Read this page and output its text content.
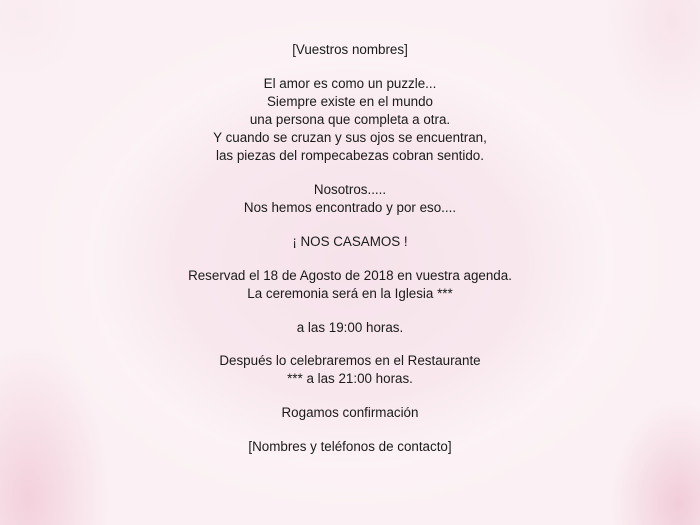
[Vuestros nombres]
El amor es como un puzzle...
Siempre existe en el mundo
una persona que completa a otra.
Y cuando se cruzan y sus ojos se encuentran,
las piezas del rompecabezas cobran sentido.
Nosotros.....
Nos hemos encontrado y por eso....
¡ NOS CASAMOS !
Reservad el 18 de Agosto de 2018 en vuestra agenda.
La ceremonia será en la Iglesia ***
a las 19:00 horas.
Después lo celebraremos en el Restaurante
*** a las 21:00 horas.
Rogamos confirmación
[Nombres y teléfonos de contacto]
